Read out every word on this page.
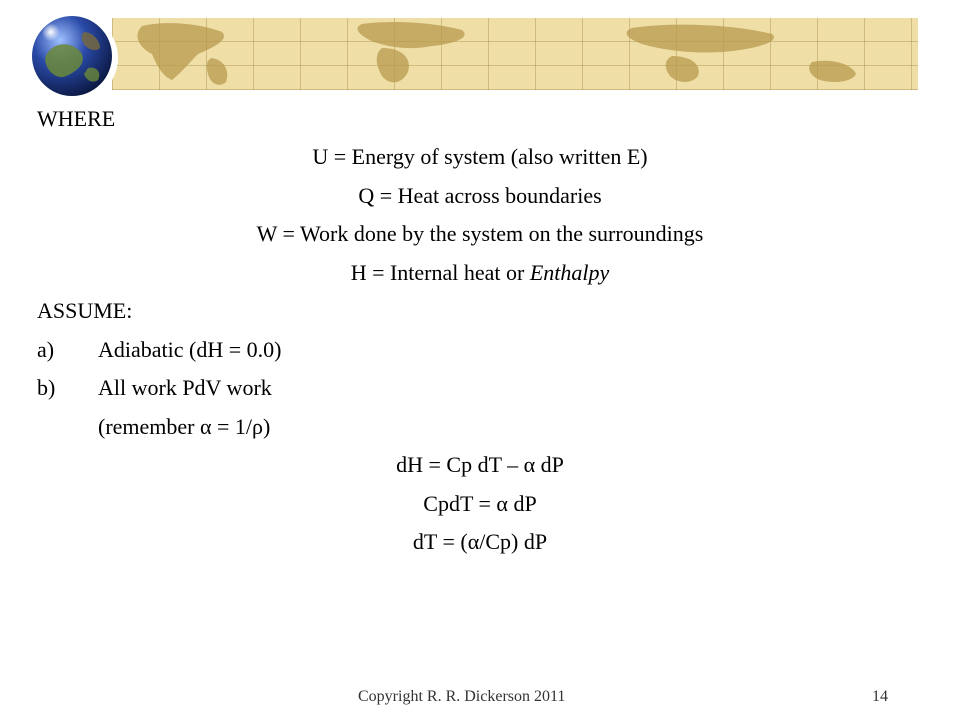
WHERE
U = Energy of system (also written E)
Q = Heat across boundaries
W = Work done by the system on the surroundings
H = Internal heat or Enthalpy
ASSUME:
a) Adiabatic (dH = 0.0)
b) All work PdV work
(remember α = 1/ρ)
dH = Cp dT – α dP
CpdT = α dP
dT = (α/Cp) dP
Copyright R. R. Dickerson 2011	14
